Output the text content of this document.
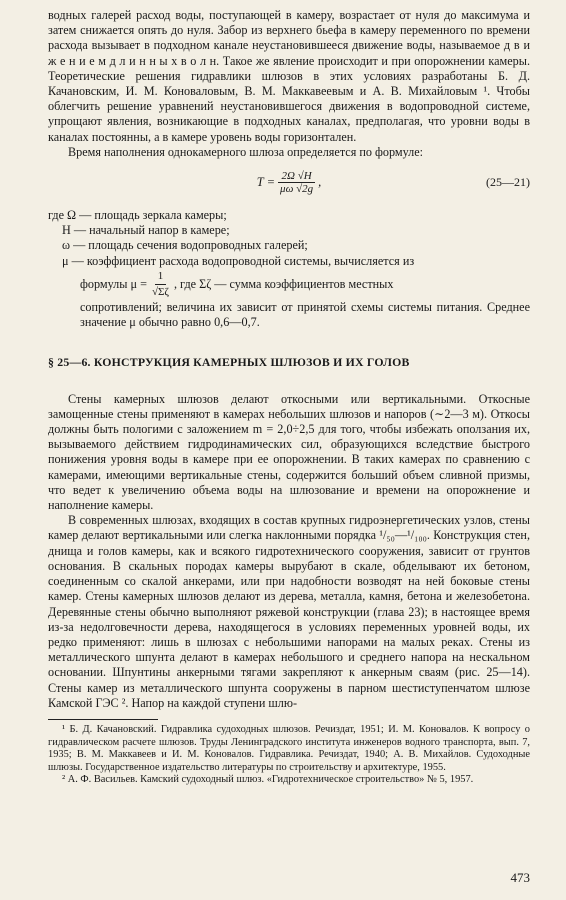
водных галерей расход воды, поступающей в камеру, возрастает от нуля до максимума и затем снижается опять до нуля. Забор из верхнего бьефа в камеру переменного по времени расхода вызывает в подходном канале неустановившееся движение воды, называемое д в и ж е н и е м д л и н н ы х в о л н. Такое же явление происходит и при опорожнении камеры. Теоретические решения гидравлики шлюзов в этих условиях разработаны Б. Д. Качановским, И. М. Коноваловым, В. М. Маккавеевым и А. В. Михайловым ¹. Чтобы облегчить решение уравнений неустановившегося движения в водопроводной системе, упрощают явления, возникающие в подходных каналах, предполагая, что уровни воды в каналах постоянны, а в камере уровень воды горизонтален.

Время наполнения однокамерного шлюза определяется по формуле:

$T = \frac{2\Omega √H}{\mu\omega √2g}$ ,	(25—21)
где Ω — площадь зеркала камеры;
H — начальный напор в камере;
ω — площадь сечения водопроводных галерей;
μ — коэффициент расхода водопроводной системы, вычисляется из
формулы $\mu = \frac{1}{√\Sigma\zeta}$ , где Σζ — сумма коэффициентов местных
сопротивлений; величина их зависит от принятой схемы системы питания. Среднее значение μ обычно равно 0,6—0,7.
§ 25—6. КОНСТРУКЦИЯ КАМЕРНЫХ ШЛЮЗОВ И ИХ ГОЛОВ

Стены камерных шлюзов делают откосными или вертикальными. Откосные замощенные стены применяют в камерах небольших шлюзов и напоров (∼2—3 м). Откосы должны быть пологими с заложением m = 2,0÷2,5 для того, чтобы избежать оползания их, вызываемого действием гидродинамических сил, образующихся вследствие быстрого понижения уровня воды в камере при ее опорожнении. В таких камерах по сравнению с камерами, имеющими вертикальные стены, содержится больший объем сливной призмы, что ведет к увеличению объема воды на шлюзование и времени на опорожнение и наполнение камеры.

В современных шлюзах, входящих в состав крупных гидроэнергетических узлов, стены камер делают вертикальными или слегка наклонными порядка ¹/₅₀—¹/₁₀₀. Конструкция стен, днища и голов камеры, как и всякого гидротехнического сооружения, зависит от грунтов основания. В скальных породах камеры вырубают в скале, обделывают их бетоном, соединенным со скалой анкерами, или при надобности возводят на ней боковые стены камер. Стены камерных шлюзов делают из дерева, металла, камня, бетона и железобетона. Деревянные стены обычно выполняют ряжевой конструкции (глава 23); в настоящее время из-за недолговечности дерева, находящегося в условиях переменных уровней воды, их редко применяют: лишь в шлюзах с небольшими напорами на малых реках. Стены из металлического шпунта делают в камерах небольшого и среднего напора на нескальном основании. Шпунтины анкерными тягами закрепляют к анкерным сваям (рис. 25—14). Стены камер из металлического шпунта сооружены в парном шестиступенчатом шлюзе Камской ГЭС ². Напор на каждой ступени шлю-

¹ Б. Д. Качановский. Гидравлика судоходных шлюзов. Речиздат, 1951; И. М. Коновалов. К вопросу о гидравлическом расчете шлюзов. Труды Ленинградского института инженеров водного транспорта, вып. 7, 1935; В. М. Маккавеев и И. М. Коновалов. Гидравлика. Речиздат, 1940; А. В. Михайлов. Судоходные шлюзы. Государственное издательство литературы по строительству и архитектуре, 1955.

² А. Ф. Васильев. Камский судоходный шлюз. «Гидротехническое строительство» № 5, 1957.

473
